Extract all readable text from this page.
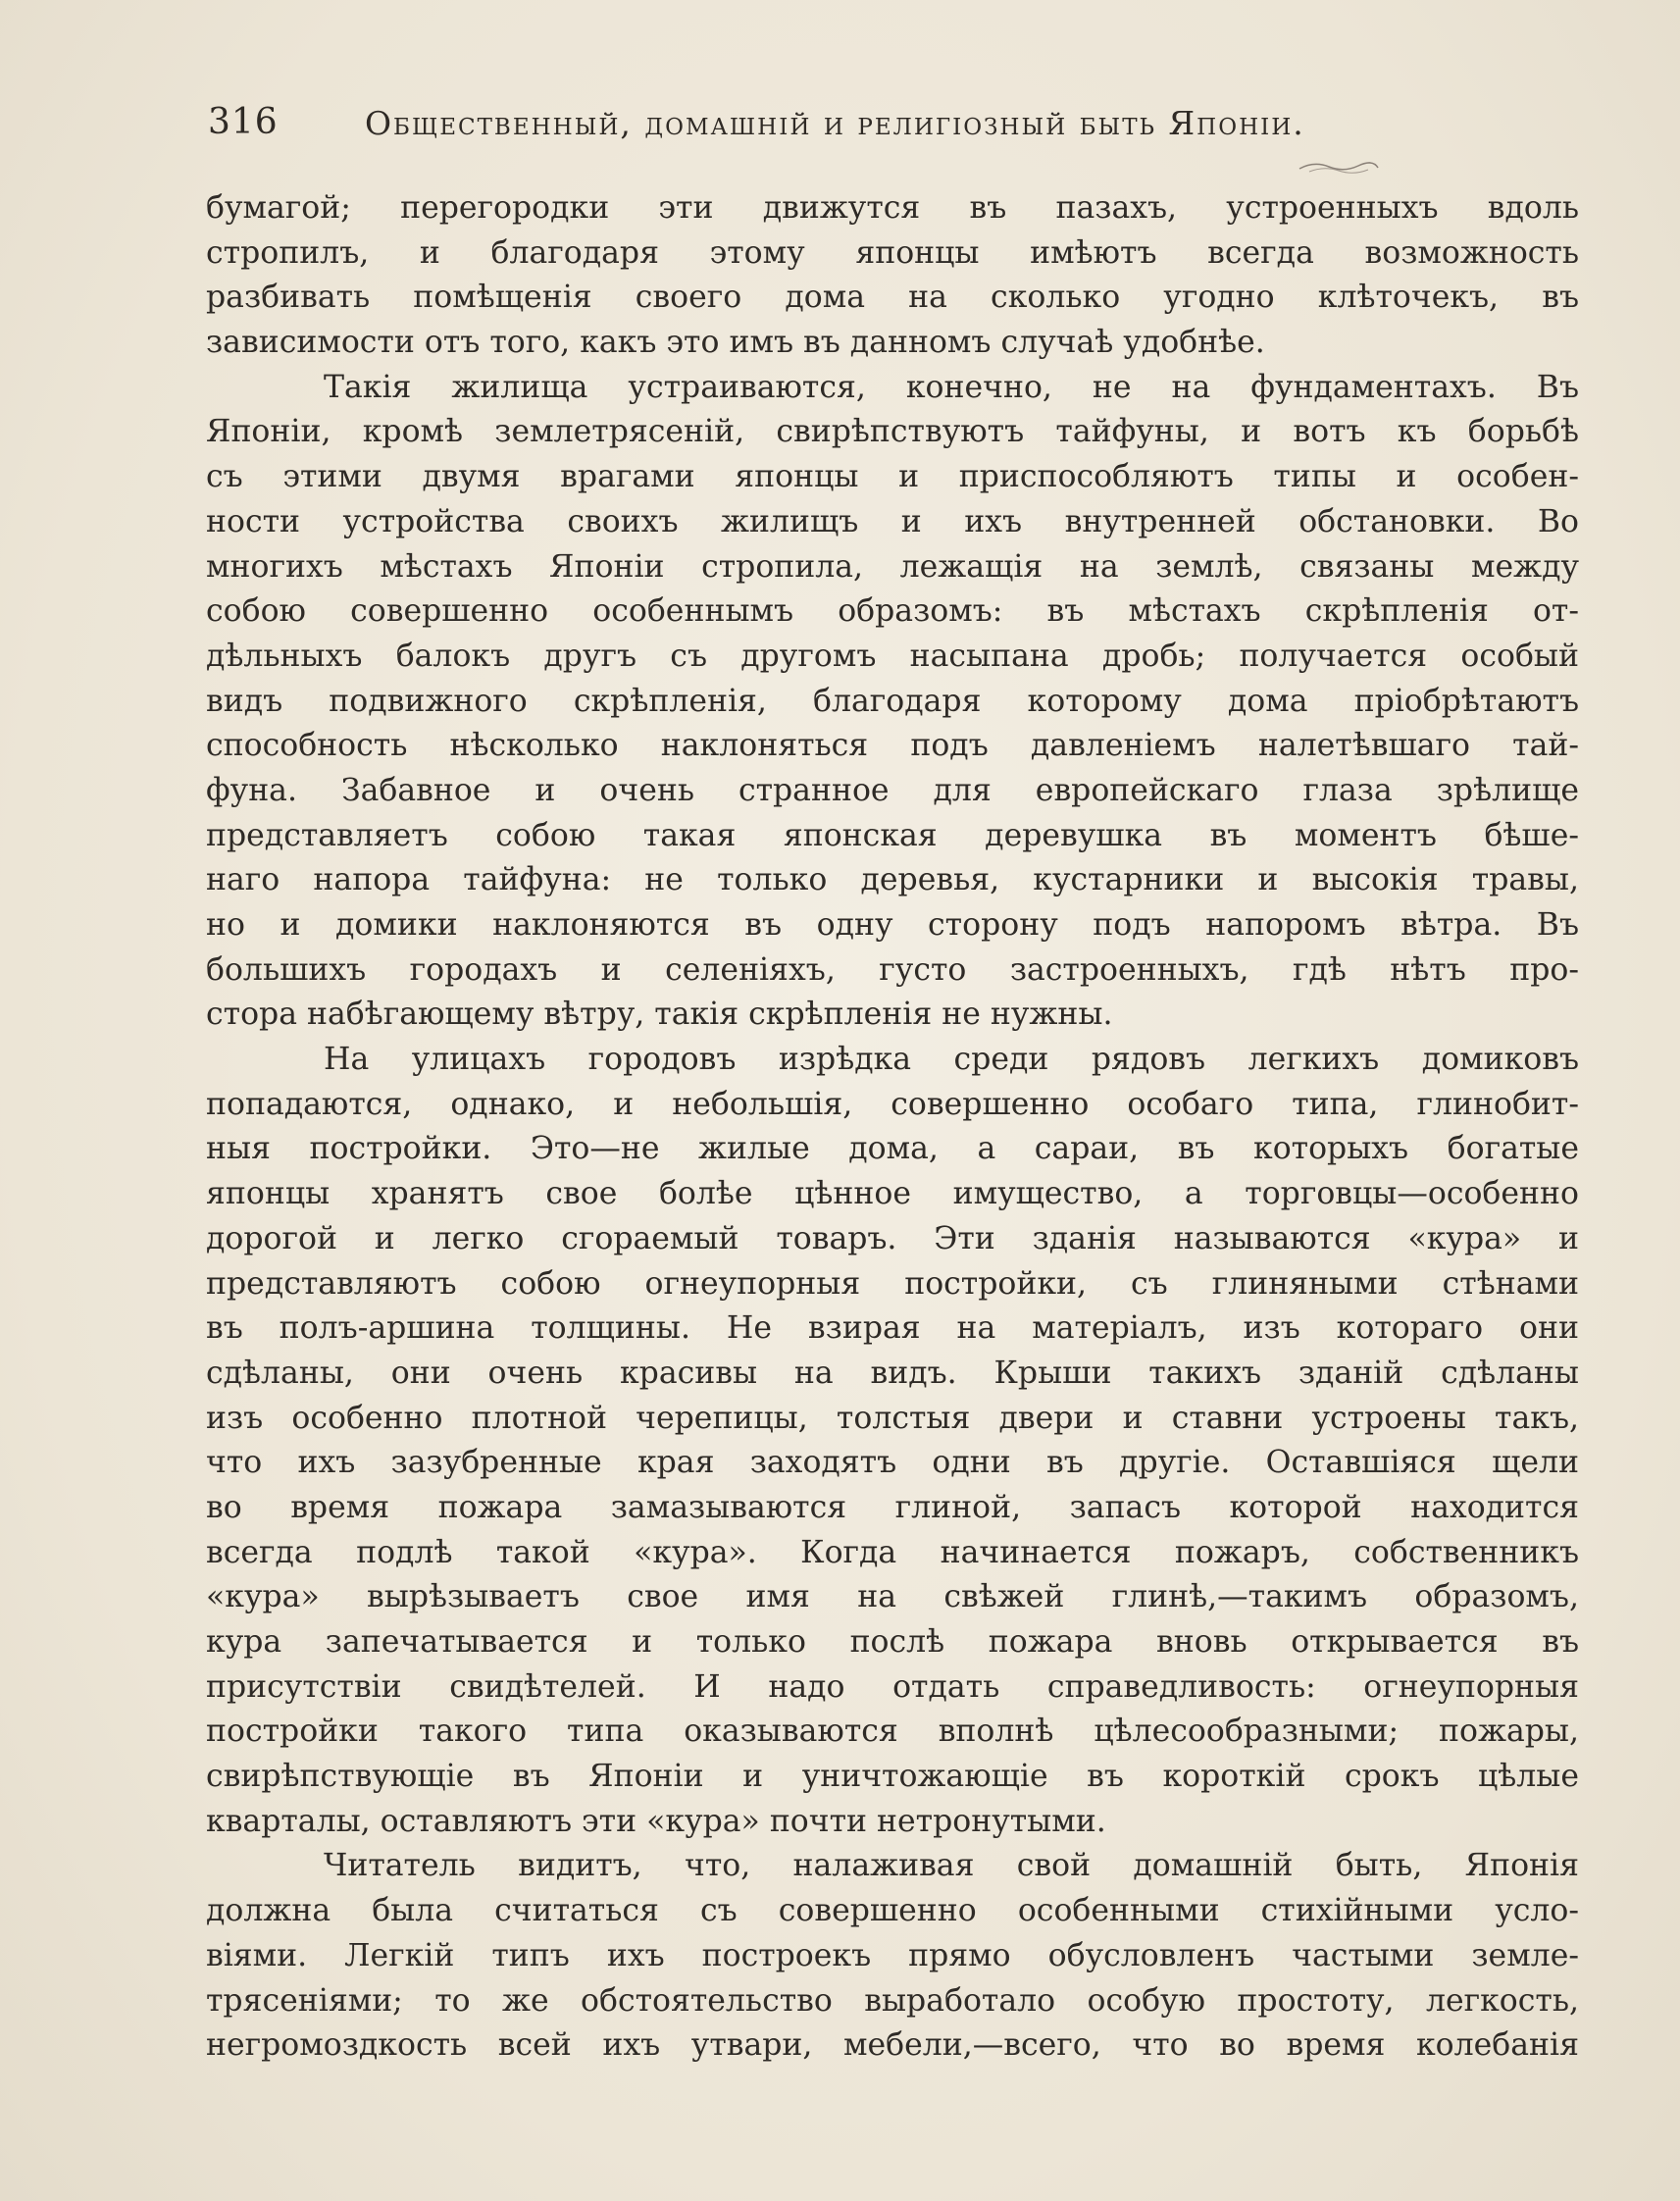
316	Общественный, домашній и религіозный быть Японіи.
бумагой; перегородки эти движутся въ пазахъ, устроенныхъ вдоль
стропилъ, и благодаря этому японцы имѣютъ всегда возможность
разбивать помѣщенія своего дома на сколько угодно клѣточекъ, въ
зависимости отъ того, какъ это имъ въ данномъ случаѣ удобнѣе.
Такія жилища устраиваются, конечно, не на фундаментахъ. Въ
Японіи, кромѣ землетрясеній, свирѣпствуютъ тайфуны, и вотъ къ борьбѣ
съ этими двумя врагами японцы и приспособляютъ типы и особен-
ности устройства своихъ жилищъ и ихъ внутренней обстановки. Во
многихъ мѣстахъ Японіи стропила, лежащія на землѣ, связаны между
собою совершенно особеннымъ образомъ: въ мѣстахъ скрѣпленія от-
дѣльныхъ балокъ другъ съ другомъ насыпана дробь; получается особый
видъ подвижного скрѣпленія, благодаря которому дома пріобрѣтаютъ
способность нѣсколько наклоняться подъ давленіемъ налетѣвшаго тай-
фуна. Забавное и очень странное для европейскаго глаза зрѣлище
представляетъ собою такая японская деревушка въ моментъ бѣше-
наго напора тайфуна: не только деревья, кустарники и высокія травы,
но и домики наклоняются въ одну сторону подъ напоромъ вѣтра. Въ
большихъ городахъ и селеніяхъ, густо застроенныхъ, гдѣ нѣтъ про-
стора набѣгающему вѣтру, такія скрѣпленія не нужны.
На улицахъ городовъ изрѣдка среди рядовъ легкихъ домиковъ
попадаются, однако, и небольшія, совершенно особаго типа, глинобит-
ныя постройки. Это—не жилые дома, а сараи, въ которыхъ богатые
японцы хранятъ свое болѣе цѣнное имущество, а торговцы—особенно
дорогой и легко сгораемый товаръ. Эти зданія называются «кура» и
представляютъ собою огнеупорныя постройки, съ глиняными стѣнами
въ полъ-аршина толщины. Не взирая на матеріалъ, изъ котораго они
сдѣланы, они очень красивы на видъ. Крыши такихъ зданій сдѣланы
изъ особенно плотной черепицы, толстыя двери и ставни устроены такъ,
что ихъ зазубренные края заходятъ одни въ другіе. Оставшіяся щели
во время пожара замазываются глиной, запасъ которой находится
всегда подлѣ такой «кура». Когда начинается пожаръ, собственникъ
«кура» вырѣзываетъ свое имя на свѣжей глинѣ,—такимъ образомъ,
кура запечатывается и только послѣ пожара вновь открывается въ
присутствіи свидѣтелей. И надо отдать справедливость: огнеупорныя
постройки такого типа оказываются вполнѣ цѣлесообразными; пожары,
свирѣпствующіе въ Японіи и уничтожающіе въ короткій срокъ цѣлые
кварталы, оставляютъ эти «кура» почти нетронутыми.
Читатель видитъ, что, налаживая свой домашній быть, Японія
должна была считаться съ совершенно особенными стихійными усло-
віями. Легкій типъ ихъ построекъ прямо обусловленъ частыми земле-
трясеніями; то же обстоятельство выработало особую простоту, легкость,
негромоздкость всей ихъ утвари, мебели,—всего, что во время колебанія
